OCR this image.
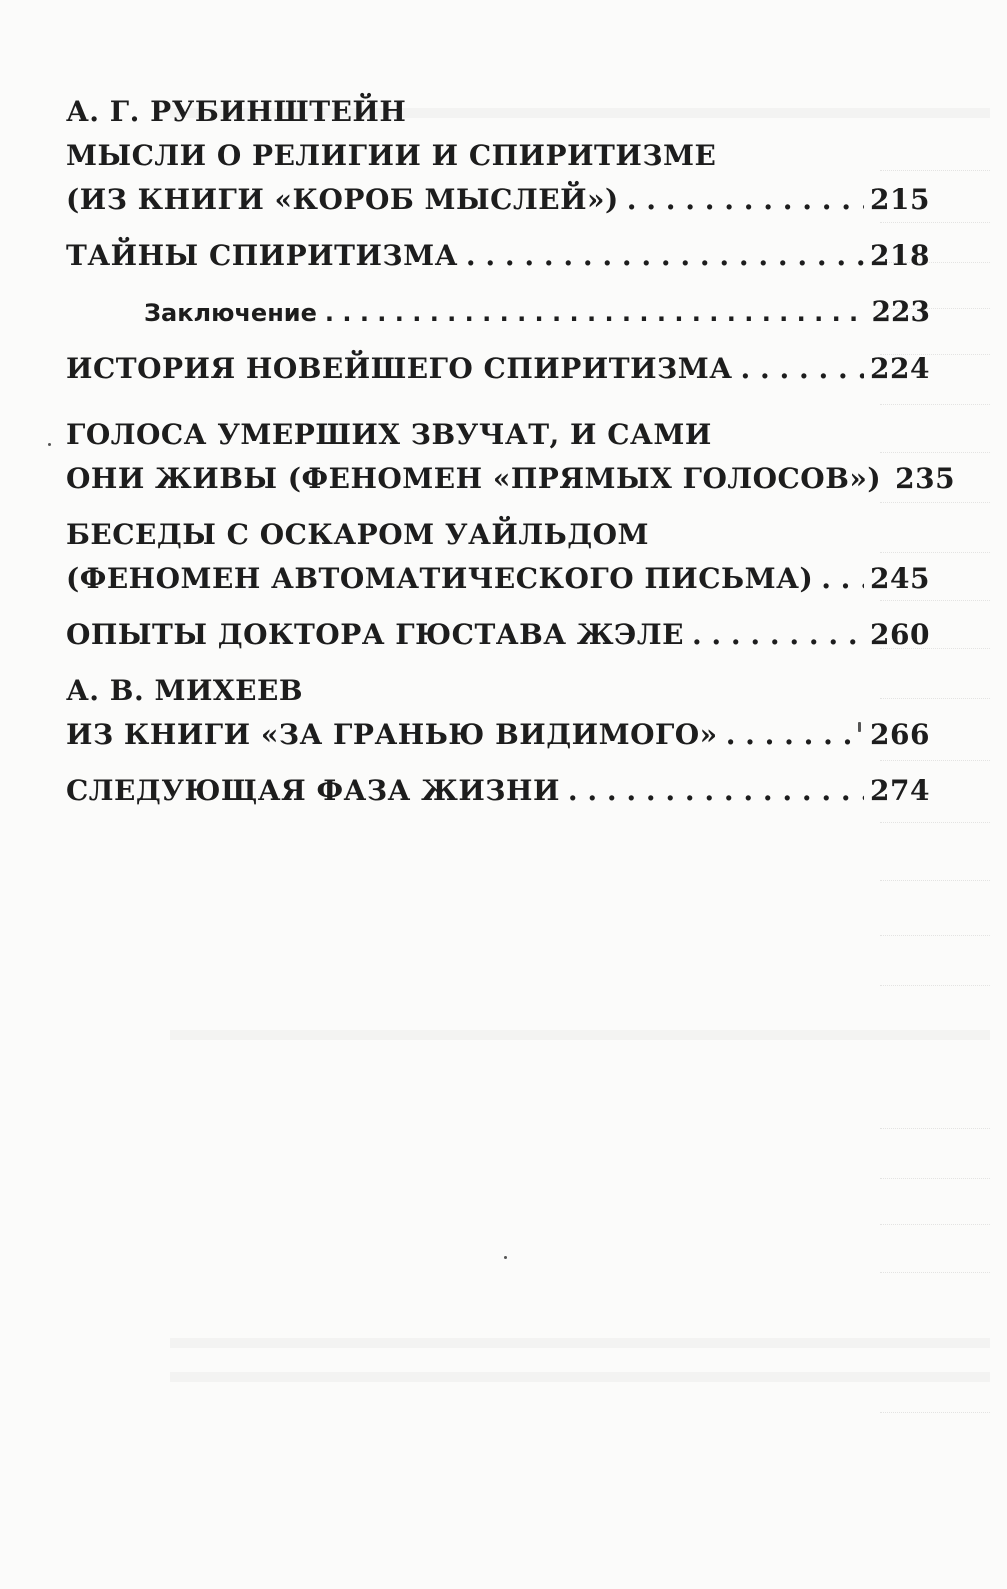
А. Г. РУБИНШТЕЙН
МЫСЛИ О РЕЛИГИИ И СПИРИТИЗМЕ
(ИЗ КНИГИ «КОРОБ МЫСЛЕЙ») . . .	215
ТАЙНЫ СПИРИТИЗМА . . .	218
Заключение . . .	223
ИСТОРИЯ НОВЕЙШЕГО СПИРИТИЗМА . . .	224
ГОЛОСА УМЕРШИХ ЗВУЧАТ, И САМИ
ОНИ ЖИВЫ (ФЕНОМЕН «ПРЯМЫХ ГОЛОСОВ») 235
БЕСЕДЫ С ОСКАРОМ УАЙЛЬДОМ
(ФЕНОМЕН АВТОМАТИЧЕСКОГО ПИСЬМА) . . . 245
ОПЫТЫ ДОКТОРА ГЮСТАВА ЖЭЛЕ . . .	260
А. В. МИХЕЕВ
ИЗ КНИГИ «ЗА ГРАНЬЮ ВИДИМОГО» . . .	266
СЛЕДУЮЩАЯ ФАЗА ЖИЗНИ . . .	274
